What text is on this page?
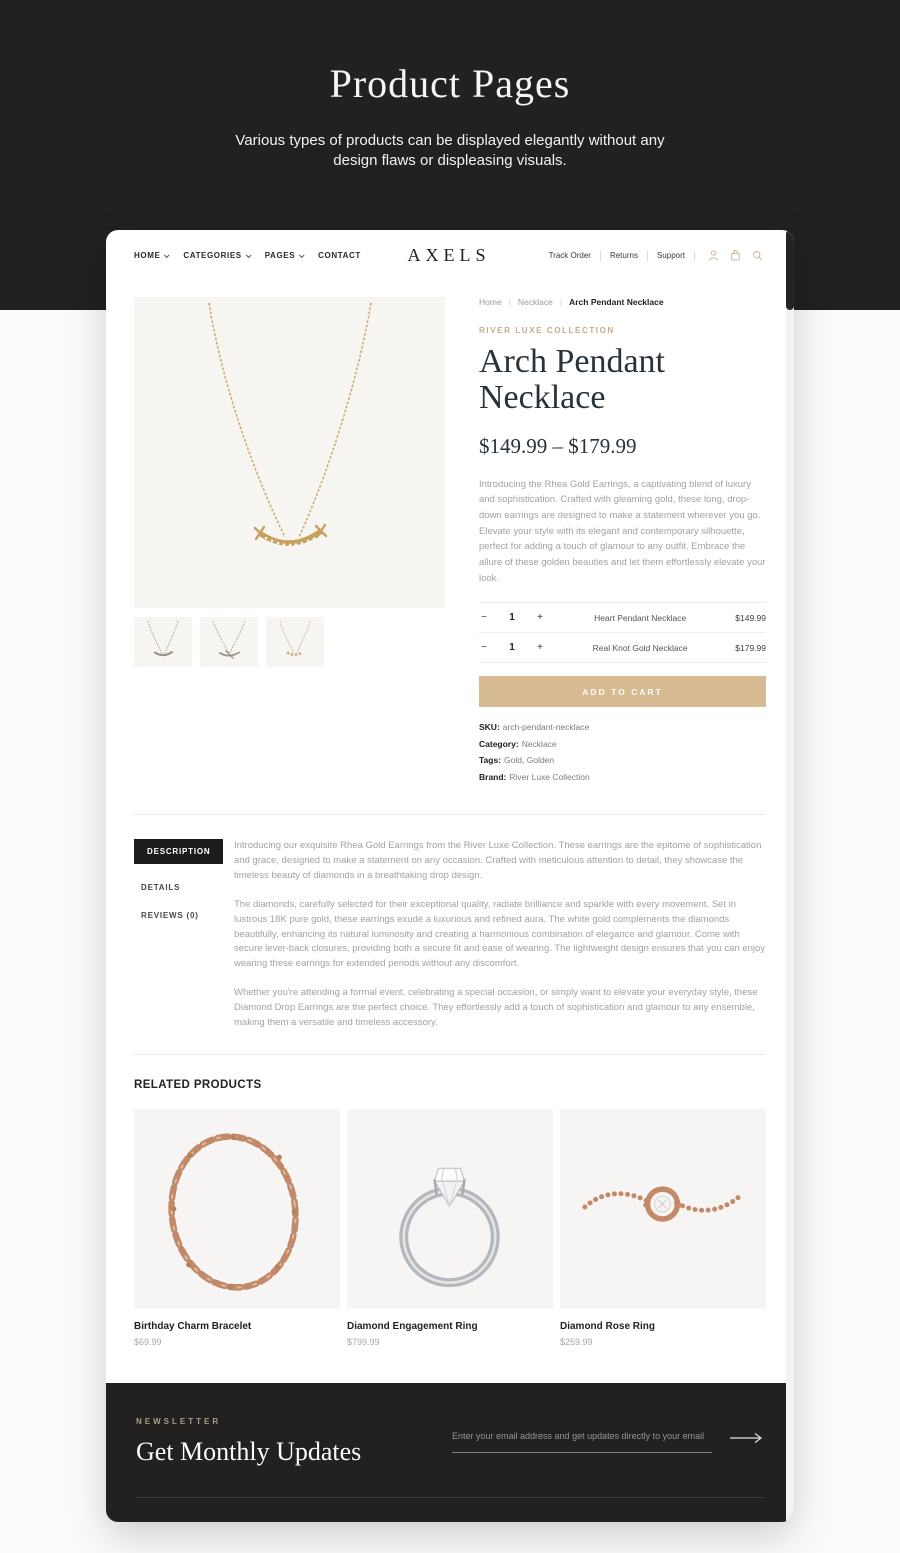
Product Pages

Various types of products can be displayed elegantly without any design flaws or displeasing visuals.

HOME	CATEGORIES	PAGES	CONTACT	AXELS	Track Order Returns Support
Home | Necklace | Arch Pendant Necklace
RIVER LUXE COLLECTION
Arch Pendant Necklace
$149.99 – $179.99

Introducing the Rhea Gold Earrings, a captivating blend of luxury and sophistication. Crafted with gleaming gold, these long, drop-down earrings are designed to make a statement wherever you go. Elevate your style with its elegant and contemporary silhouette, perfect for adding a touch of glamour to any outfit. Embrace the allure of these golden beauties and let them effortlessly elevate your look.

− 1 +	Heart Pendant Necklace	$149.99
− 1 +	Real Knot Gold Necklace	$179.99
ADD TO CART
SKU: arch-pendant-necklace
Category: Necklace
Tags: Gold, Golden
Brand: River Luxe Collection
DESCRIPTION
DETAILS
REVIEWS (0)

Introducing our exquisite Rhea Gold Earrings from the River Luxe Collection. These earrings are the epitome of sophistication and grace, designed to make a statement on any occasion. Crafted with meticulous attention to detail, they showcase the timeless beauty of diamonds in a breathtaking drop design.

The diamonds, carefully selected for their exceptional quality, radiate brilliance and sparkle with every movement. Set in lustrous 18K pure gold, these earrings exude a luxurious and refined aura. The white gold complements the diamonds beautifully, enhancing its natural luminosity and creating a harmonious combination of elegance and glamour. Come with secure lever-back closures, providing both a secure fit and ease of wearing. The lightweight design ensures that you can enjoy wearing these earrings for extended periods without any discomfort.

Whether you're attending a formal event, celebrating a special occasion, or simply want to elevate your everyday style, these Diamond Drop Earrings are the perfect choice. They effortlessly add a touch of sophistication and glamour to any ensemble, making them a versatile and timeless accessory.

RELATED PRODUCTS
Birthday Charm Bracelet
$69.99
Diamond Engagement Ring
$799.99
Diamond Rose Ring
$259.99
NEWSLETTER
Get Monthly Updates
Enter your email address and get updates directly to your email
